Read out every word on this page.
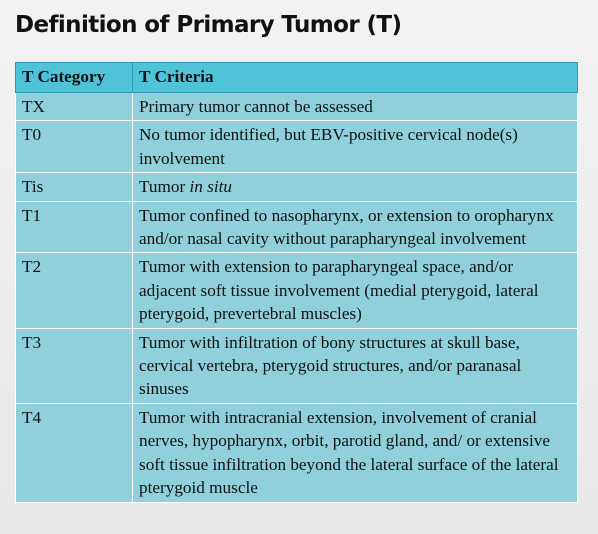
Definition of Primary Tumor (T)
T Category	T Criteria
TX	Primary tumor cannot be assessed
T0	No tumor identified, but EBV-positive cervical node(s) involvement
Tis	Tumor in situ
T1	Tumor confined to nasopharynx, or extension to oropharynx and/or nasal cavity without parapharyngeal involvement
T2	Tumor with extension to parapharyngeal space, and/or adjacent soft tissue involvement (medial pterygoid, lateral pterygoid, prevertebral muscles)
T3	Tumor with infiltration of bony structures at skull base, cervical vertebra, pterygoid structures, and/or paranasal sinuses
T4	Tumor with intracranial extension, involvement of cranial nerves, hypopharynx, orbit, parotid gland, and/ or extensive soft tissue infiltration beyond the lateral surface of the lateral pterygoid muscle
